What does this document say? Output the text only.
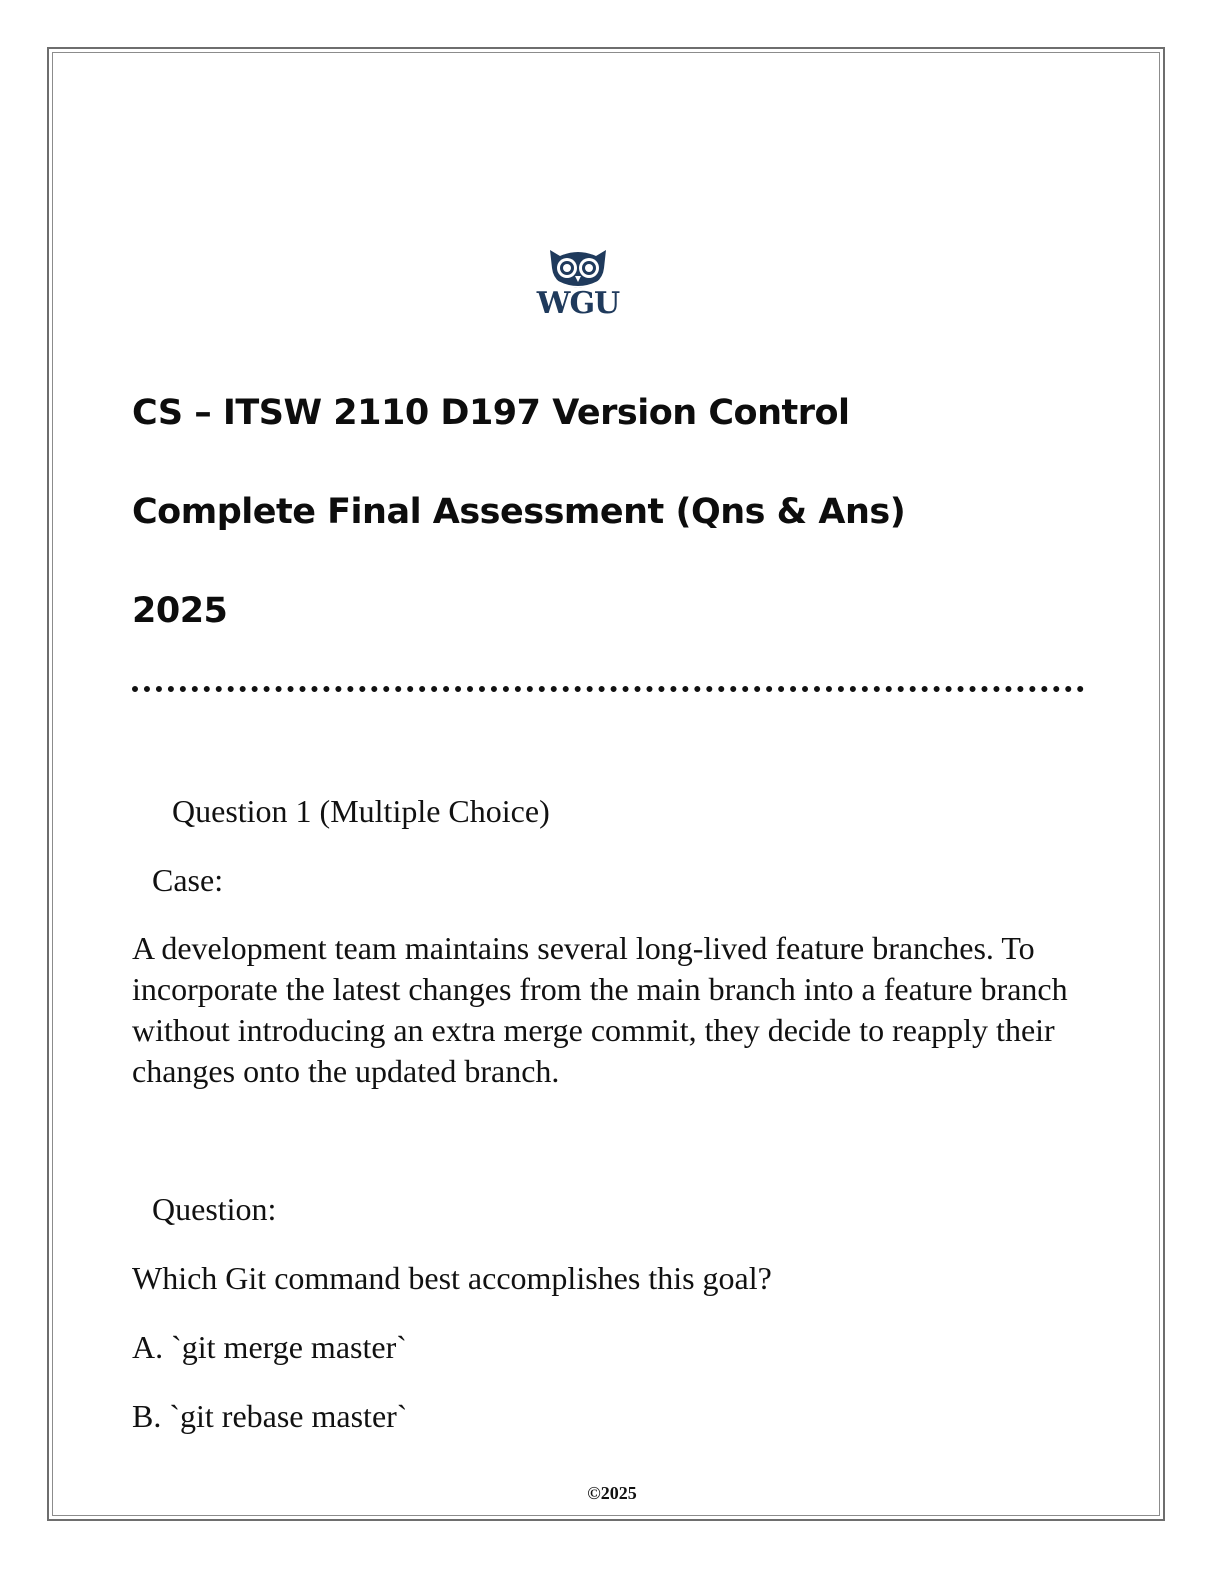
WGU
CS – ITSW 2110 D197 Version Control
Complete Final Assessment (Qns & Ans)
2025
Question 1 (Multiple Choice)
Case:
A development team maintains several long-lived feature branches. To incorporate the latest changes from the main branch into a feature branch without introducing an extra merge commit, they decide to reapply their changes onto the updated branch.
Question:
Which Git command best accomplishes this goal?
A. `git merge master`
B. `git rebase master`
©2025
